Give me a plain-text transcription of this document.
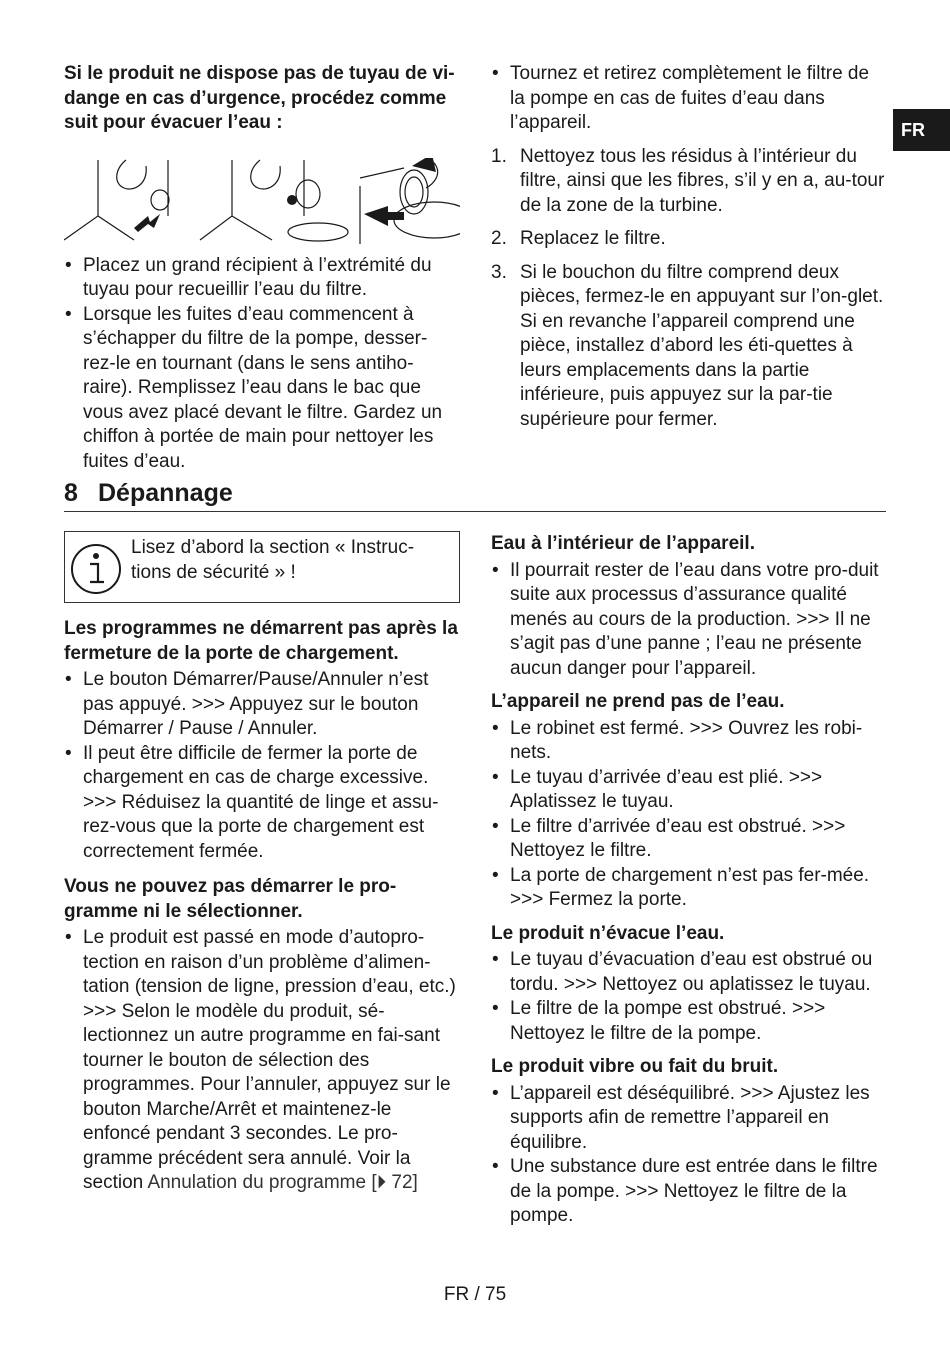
FR
Si le produit ne dispose pas de tuyau de vi-dange en cas d’urgence, procédez comme suit pour évacuer l’eau :
• Placez un grand récipient à l’extrémité du tuyau pour recueillir l’eau du filtre.
• Lorsque les fuites d’eau commencent à s’échapper du filtre de la pompe, desser-rez-le en tournant (dans le sens antiho-raire). Remplissez l’eau dans le bac que vous avez placé devant le filtre. Gardez un chiffon à portée de main pour nettoyer les fuites d’eau.
• Tournez et retirez complètement le filtre de la pompe en cas de fuites d’eau dans l’appareil.
1. Nettoyez tous les résidus à l’intérieur du filtre, ainsi que les fibres, s’il y en a, au-tour de la zone de la turbine.
2. Replacez le filtre.
3. Si le bouchon du filtre comprend deux pièces, fermez-le en appuyant sur l’on-glet. Si en revanche l’appareil comprend une pièce, installez d’abord les éti-quettes à leurs emplacements dans la partie inférieure, puis appuyez sur la par-tie supérieure pour fermer.
8 Dépannage
Lisez d’abord la section « Instruc-tions de sécurité » !
Les programmes ne démarrent pas après la fermeture de la porte de chargement.
• Le bouton Démarrer/Pause/Annuler n’est pas appuyé. >>> Appuyez sur le bouton Démarrer / Pause / Annuler.
• Il peut être difficile de fermer la porte de chargement en cas de charge excessive. >>> Réduisez la quantité de linge et assu-rez-vous que la porte de chargement est correctement fermée.
Vous ne pouvez pas démarrer le pro-gramme ni le sélectionner.
• Le produit est passé en mode d’autopro-tection en raison d’un problème d’alimen-tation (tension de ligne, pression d’eau, etc.) >>> Selon le modèle du produit, sé-lectionnez un autre programme en fai-sant tourner le bouton de sélection des programmes. Pour l’annuler, appuyez sur le bouton Marche/Arrêt et maintenez-le enfoncé pendant 3 secondes. Le pro-gramme précédent sera annulé. Voir la section Annulation du programme [⏵ 72]
Eau à l’intérieur de l’appareil.
• Il pourrait rester de l’eau dans votre pro-duit suite aux processus d’assurance qualité menés au cours de la production. >>> Il ne s’agit pas d’une panne ; l’eau ne présente aucun danger pour l’appareil.
L’appareil ne prend pas de l’eau.
• Le robinet est fermé. >>> Ouvrez les robi-nets.
• Le tuyau d’arrivée d’eau est plié. >>> Aplatissez le tuyau.
• Le filtre d’arrivée d’eau est obstrué. >>> Nettoyez le filtre.
• La porte de chargement n’est pas fer-mée. >>> Fermez la porte.
Le produit n’évacue l’eau.
• Le tuyau d’évacuation d’eau est obstrué ou tordu. >>> Nettoyez ou aplatissez le tuyau.
• Le filtre de la pompe est obstrué. >>> Nettoyez le filtre de la pompe.
Le produit vibre ou fait du bruit.
• L’appareil est déséquilibré. >>> Ajustez les supports afin de remettre l’appareil en équilibre.
• Une substance dure est entrée dans le filtre de la pompe. >>> Nettoyez le filtre de la pompe.
FR / 75
